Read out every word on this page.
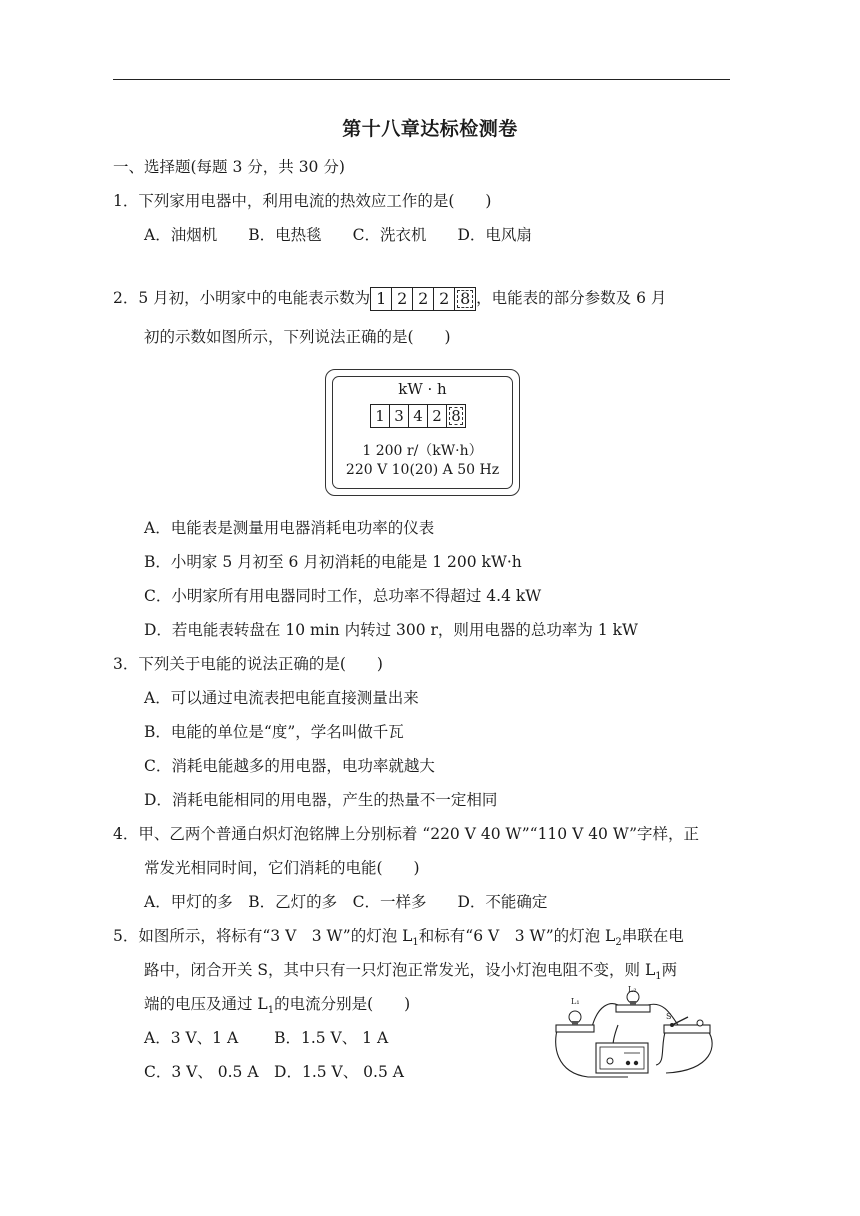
第十八章达标检测卷
一、选择题(每题 3 分，共 30 分)
1．下列家用电器中，利用电流的热效应工作的是(　　)
A．油烟机　　B．电热毯　　C．洗衣机　　D．电风扇
2．5 月初，小明家中的电能表示数为 1 2 2 2 8 ，电能表的部分参数及 6 月
初的示数如图所示，下列说法正确的是(　　)
kW · h
1 3 4 2 8
1 200 r/（kW·h）
220 V 10(20) A 50 Hz
A．电能表是测量用电器消耗电功率的仪表
B．小明家 5 月初至 6 月初消耗的电能是 1 200 kW·h
C．小明家所有用电器同时工作，总功率不得超过 4.4 kW
D．若电能表转盘在 10 min 内转过 300 r，则用电器的总功率为 1 kW
3．下列关于电能的说法正确的是(　　)
A．可以通过电流表把电能直接测量出来
B．电能的单位是“度”，学名叫做千瓦
C．消耗电能越多的用电器，电功率就越大
D．消耗电能相同的用电器，产生的热量不一定相同
4．甲、乙两个普通白炽灯泡铭牌上分别标着 “220 V 40 W”“110 V 40 W”字样，正
常发光相同时间，它们消耗的电能(　　)
A．甲灯的多　B．乙灯的多　C．一样多　　D．不能确定
5．如图所示，将标有“3 V　3 W”的灯泡 $L_1$和标有“6 V　3 W”的灯泡 $L_2$串联在电
路中，闭合开关 S，其中只有一只灯泡正常发光，设小灯泡电阻不变，则 $L_1$两
端的电压及通过 $L_1$的电流分别是(　　)
A．3 V、1 A　　 B．1.5 V、 1 A
C．3 V、 0.5 A　D．1.5 V、 0.5 A
L₁
L₂
S
